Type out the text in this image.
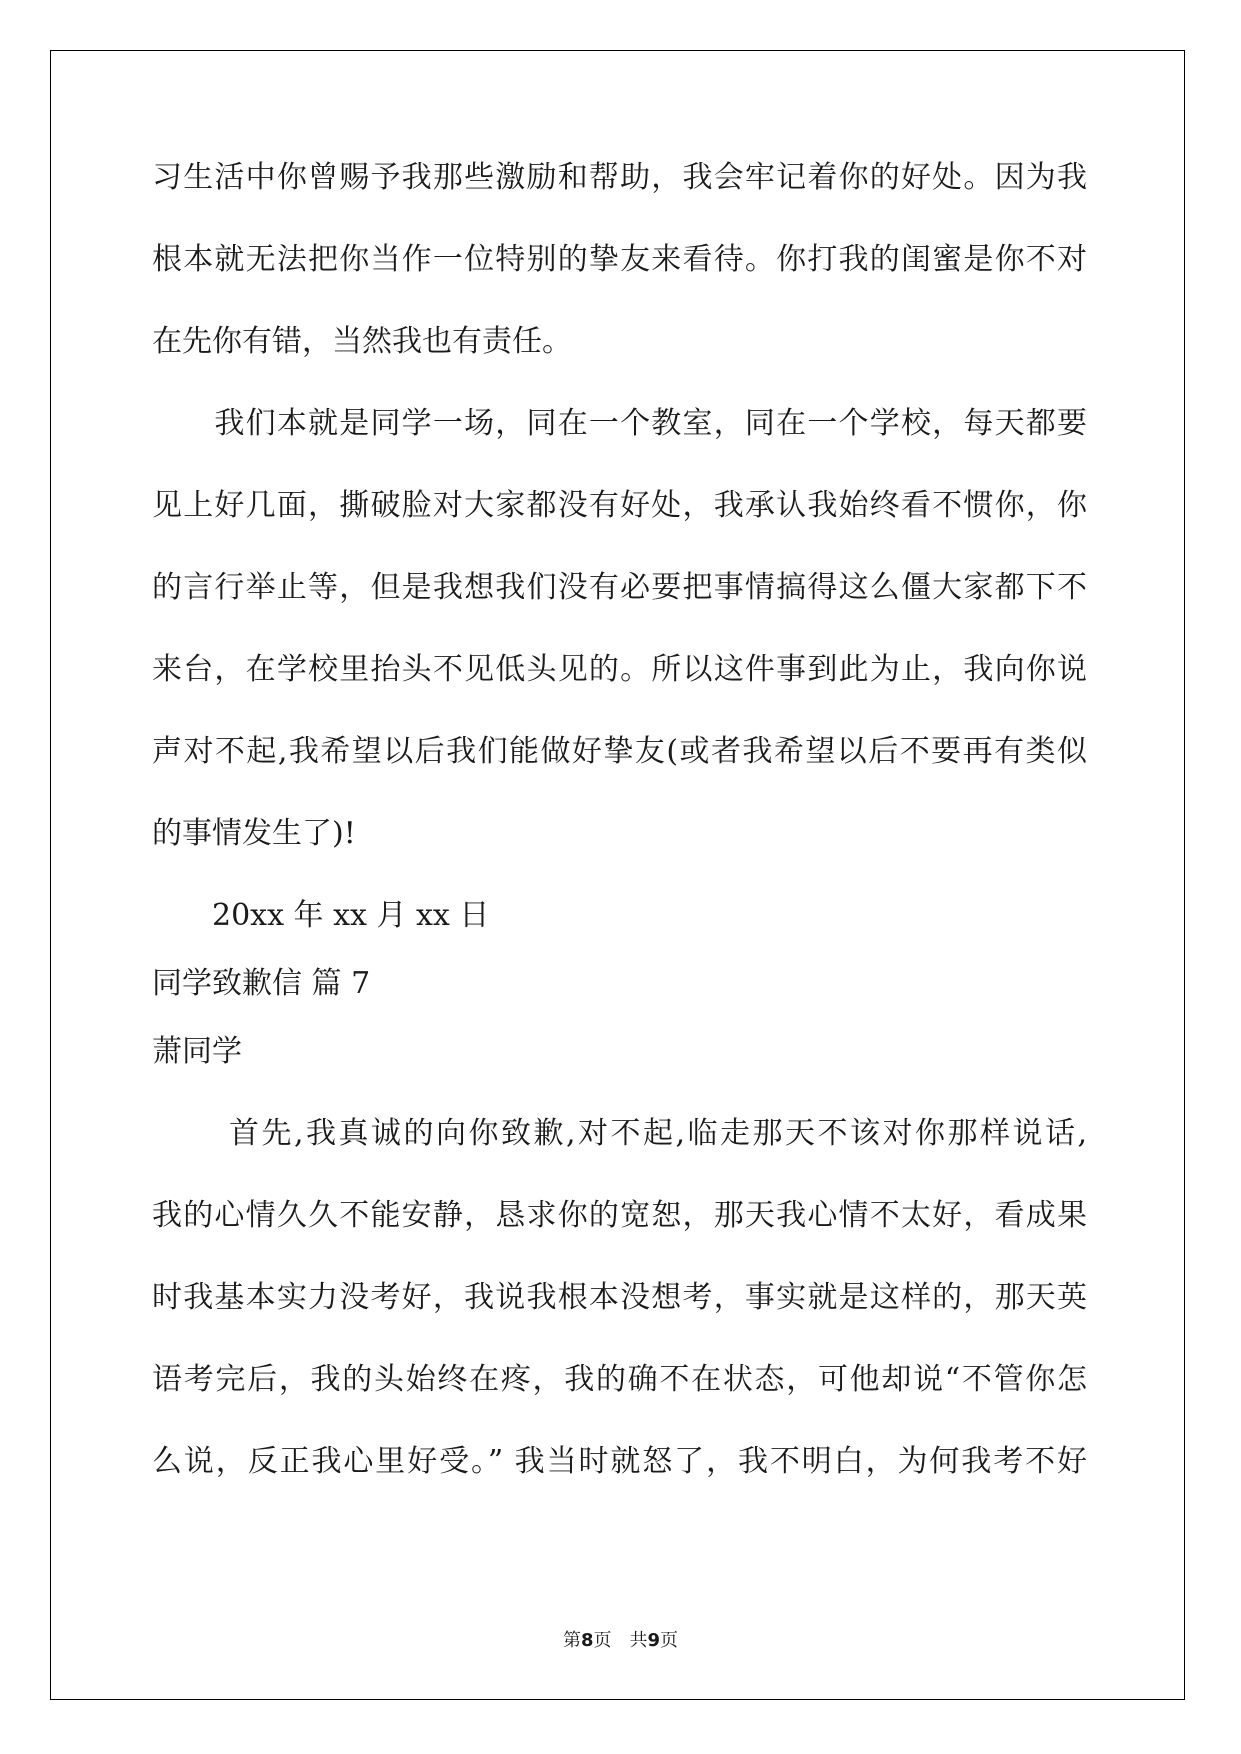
习生活中你曾赐予我那些激励和帮助，我会牢记着你的好处。因为我
根本就无法把你当作一位特别的挚友来看待。你打我的闺蜜是你不对
在先你有错，当然我也有责任。
　　我们本就是同学一场，同在一个教室，同在一个学校，每天都要
见上好几面，撕破脸对大家都没有好处，我承认我始终看不惯你，你
的言行举止等，但是我想我们没有必要把事情搞得这么僵大家都下不
来台，在学校里抬头不见低头见的。所以这件事到此为止，我向你说
声对不起,我希望以后我们能做好挚友(或者我希望以后不要再有类似
的事情发生了)!
　　20xx 年 xx 月 xx 日
同学致歉信 篇 7
萧同学
　　 首先,我真诚的向你致歉,对不起,临走那天不该对你那样说话,
我的心情久久不能安静，恳求你的宽恕，那天我心情不太好，看成果
时我基本实力没考好，我说我根本没想考，事实就是这样的，那天英
语考完后，我的头始终在疼，我的确不在状态，可他却说“不管你怎
么说，反正我心里好受。” 我当时就怒了，我不明白，为何我考不好
第8页　共9页
